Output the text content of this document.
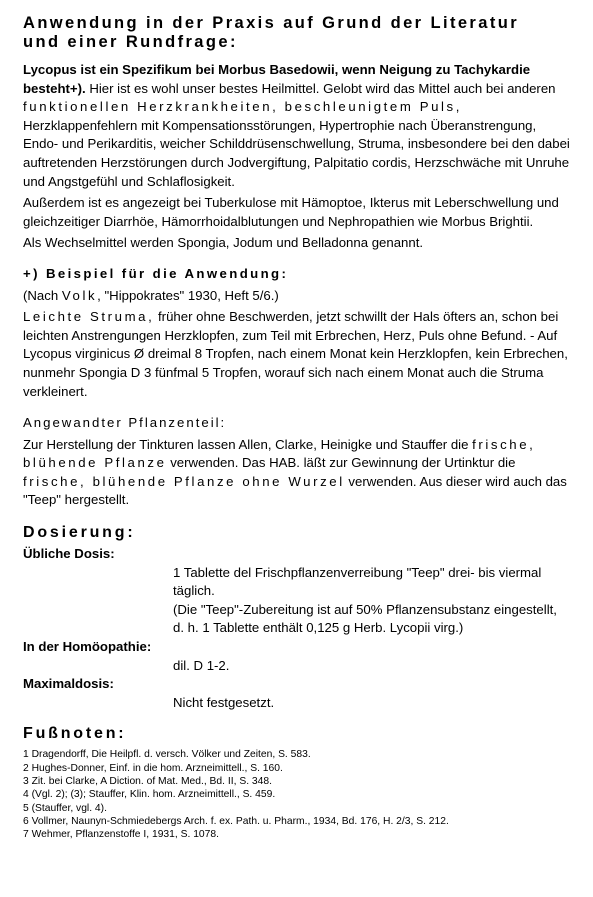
Anwendung in der Praxis auf Grund der Literatur
und einer Rundfrage:

Lycopus ist ein Spezifikum bei Morbus Basedowii, wenn Neigung zu Tachykardie besteht+). Hier ist es wohl unser bestes Heilmittel. Gelobt wird das Mittel auch bei anderen funktionellen Herzkrankheiten, beschleunigtem Puls, Herzklappenfehlern mit Kompensationsstörungen, Hypertrophie nach Überanstrengung, Endo- und Perikarditis, weicher Schilddrüsenschwellung, Struma, insbesondere bei den dabei auftretenden Herzstörungen durch Jodvergiftung, Palpitatio cordis, Herzschwäche mit Unruhe und Angstgefühl und Schlaflosigkeit.

Außerdem ist es angezeigt bei Tuberkulose mit Hämoptoe, Ikterus mit Leberschwellung und gleichzeitiger Diarrhöe, Hämorrhoidalblutungen und Nephropathien wie Morbus Brightii.

Als Wechselmittel werden Spongia, Jodum und Belladonna genannt.

+) Beispiel für die Anwendung:

(Nach Volk, "Hippokrates" 1930, Heft 5/6.)

Leichte Struma, früher ohne Beschwerden, jetzt schwillt der Hals öfters an, schon bei leichten Anstrengungen Herzklopfen, zum Teil mit Erbrechen, Herz, Puls ohne Befund. - Auf Lycopus virginicus Ø dreimal 8 Tropfen, nach einem Monat kein Herzklopfen, kein Erbrechen, nunmehr Spongia D 3 fünfmal 5 Tropfen, worauf sich nach einem Monat auch die Struma verkleinert.

Angewandter Pflanzenteil:

Zur Herstellung der Tinkturen lassen Allen, Clarke, Heinigke und Stauffer die frische, blühende Pflanze verwenden. Das HAB. läßt zur Gewinnung der Urtinktur die frische, blühende Pflanze ohne Wurzel verwenden. Aus dieser wird auch das "Teep" hergestellt.

Dosierung:

Übliche Dosis:

1 Tablette del Frischpflanzenverreibung "Teep" drei- bis viermal täglich.

(Die "Teep"-Zubereitung ist auf 50% Pflanzensubstanz eingestellt, d. h. 1 Tablette enthält 0,125 g Herb. Lycopii virg.)

In der Homöopathie:

dil. D 1-2.

Maximaldosis:

Nicht festgesetzt.

Fußnoten:

1 Dragendorff, Die Heilpfl. d. versch. Völker und Zeiten, S. 583.

2 Hughes-Donner, Einf. in die hom. Arzneimittell., S. 160.

3 Zit. bei Clarke, A Diction. of Mat. Med., Bd. II, S. 348.

4 (Vgl. 2); (3); Stauffer, Klin. hom. Arzneimittell., S. 459.

5 (Stauffer, vgl. 4).

6 Vollmer, Naunyn-Schmiedebergs Arch. f. ex. Path. u. Pharm., 1934, Bd. 176, H. 2/3, S. 212.

7 Wehmer, Pflanzenstoffe I, 1931, S. 1078.
